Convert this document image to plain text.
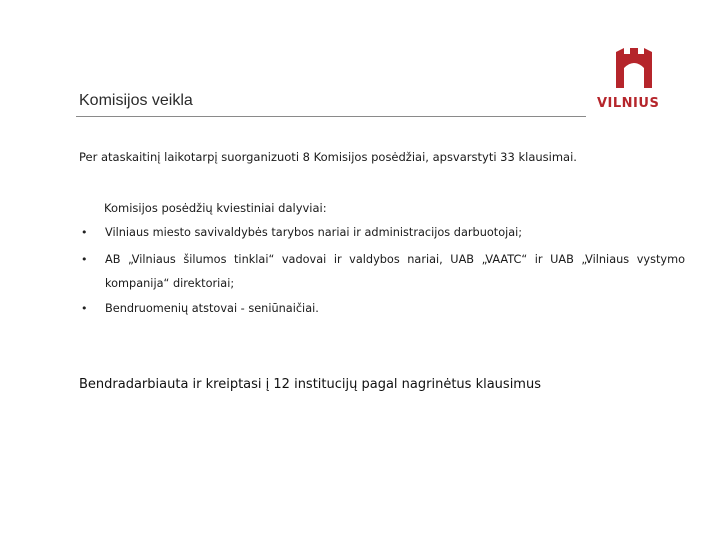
Komisijos veikla	VILNIUS
Per ataskaitinį laikotarpį suorganizuoti 8 Komisijos posėdžiai, apsvarstyti 33 klausimai.
Komisijos posėdžių kviestiniai dalyviai:
• Vilniaus miesto savivaldybės tarybos nariai ir administracijos darbuotojai;
• AB „Vilniaus šilumos tinklai“ vadovai ir valdybos nariai, UAB „VAATC“ ir UAB „Vilniaus vystymo
kompanija“ direktoriai;
• Bendruomenių atstovai - seniūnaičiai.
Bendradarbiauta ir kreiptasi į 12 institucijų pagal nagrinėtus klausimus
